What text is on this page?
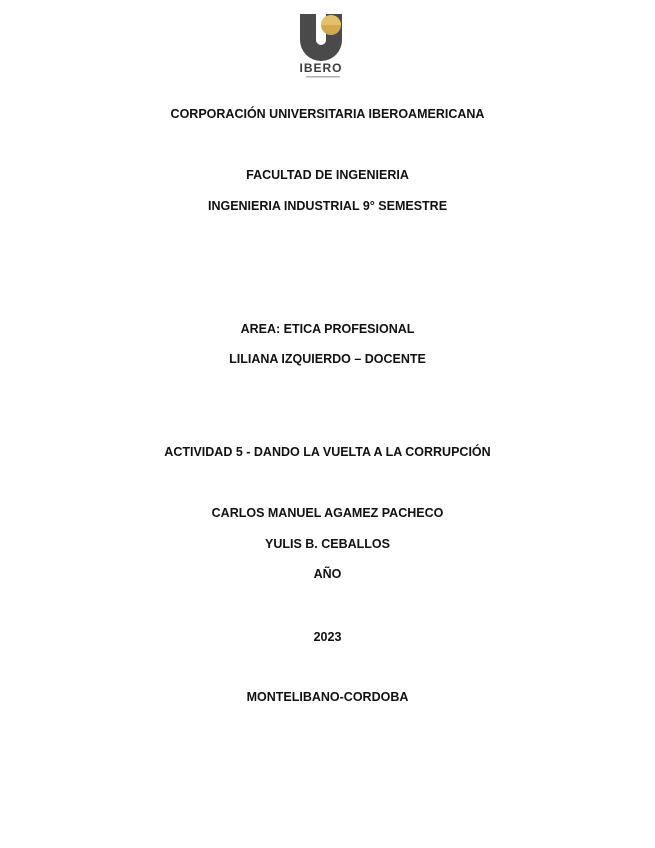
IBERO
CORPORACIÓN UNIVERSITARIA IBEROAMERICANA
FACULTAD DE INGENIERIA
INGENIERIA INDUSTRIAL 9° SEMESTRE
AREA: ETICA PROFESIONAL
LILIANA IZQUIERDO – DOCENTE
ACTIVIDAD 5 - DANDO LA VUELTA A LA CORRUPCIÓN
CARLOS MANUEL AGAMEZ PACHECO
YULIS B. CEBALLOS
AÑO
2023
MONTELIBANO-CORDOBA
